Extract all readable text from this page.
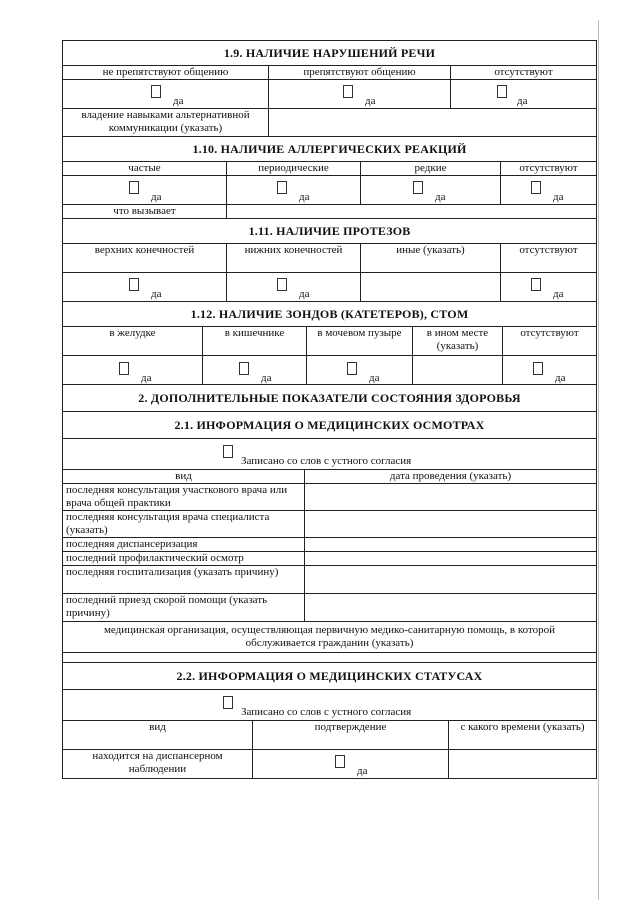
1.9. НАЛИЧИЕ НАРУШЕНИЙ РЕЧИ		
не препятствуют общению	препятствуют общению	отсутствуют

да	да	да

владение навыками альтернативной коммуникации (указать)		
1.10. НАЛИЧИЕ АЛЛЕРГИЧЕСКИХ РЕАКЦИЙ			
частые	периодические	редкие	отсутствуют

да	да	да	да

что вызывает			
1.11. НАЛИЧИЕ ПРОТЕЗОВ			
верхних конечностей	нижних конечностей	иные (указать)	отсутствуют

да	да		да
1.12. НАЛИЧИЕ ЗОНДОВ (КАТЕТЕРОВ), СТОМ				
в желудке	в кишечнике	в мочевом пузыре	в ином месте (указать)	отсутствуют

да	да	да		да
2. ДОПОЛНИТЕЛЬНЫЕ ПОКАЗАТЕЛИ СОСТОЯНИЯ ЗДОРОВЬЯ	
2.1. ИНФОРМАЦИЯ О МЕДИЦИНСКИХ ОСМОТРАХ	

Записано со слов с устного согласия	

вид	дата проведения (указать)
последняя консультация участкового врача или врача общей практики	
последняя консультация врача специалиста (указать)	
последняя диспансеризация	
последний профилактический осмотр	
последняя госпитализация (указать причину)	
последний приезд скорой помощи (указать причину)	
медицинская организация, осуществляющая первичную медико-санитарную помощь, в которой обслуживается гражданин (указать)	

2.2. ИНФОРМАЦИЯ О МЕДИЦИНСКИХ СТАТУСАХ		

Записано со слов с устного согласия		

вид	подтверждение	с какого времени (указать)
находится на диспансерном наблюдении	да	
